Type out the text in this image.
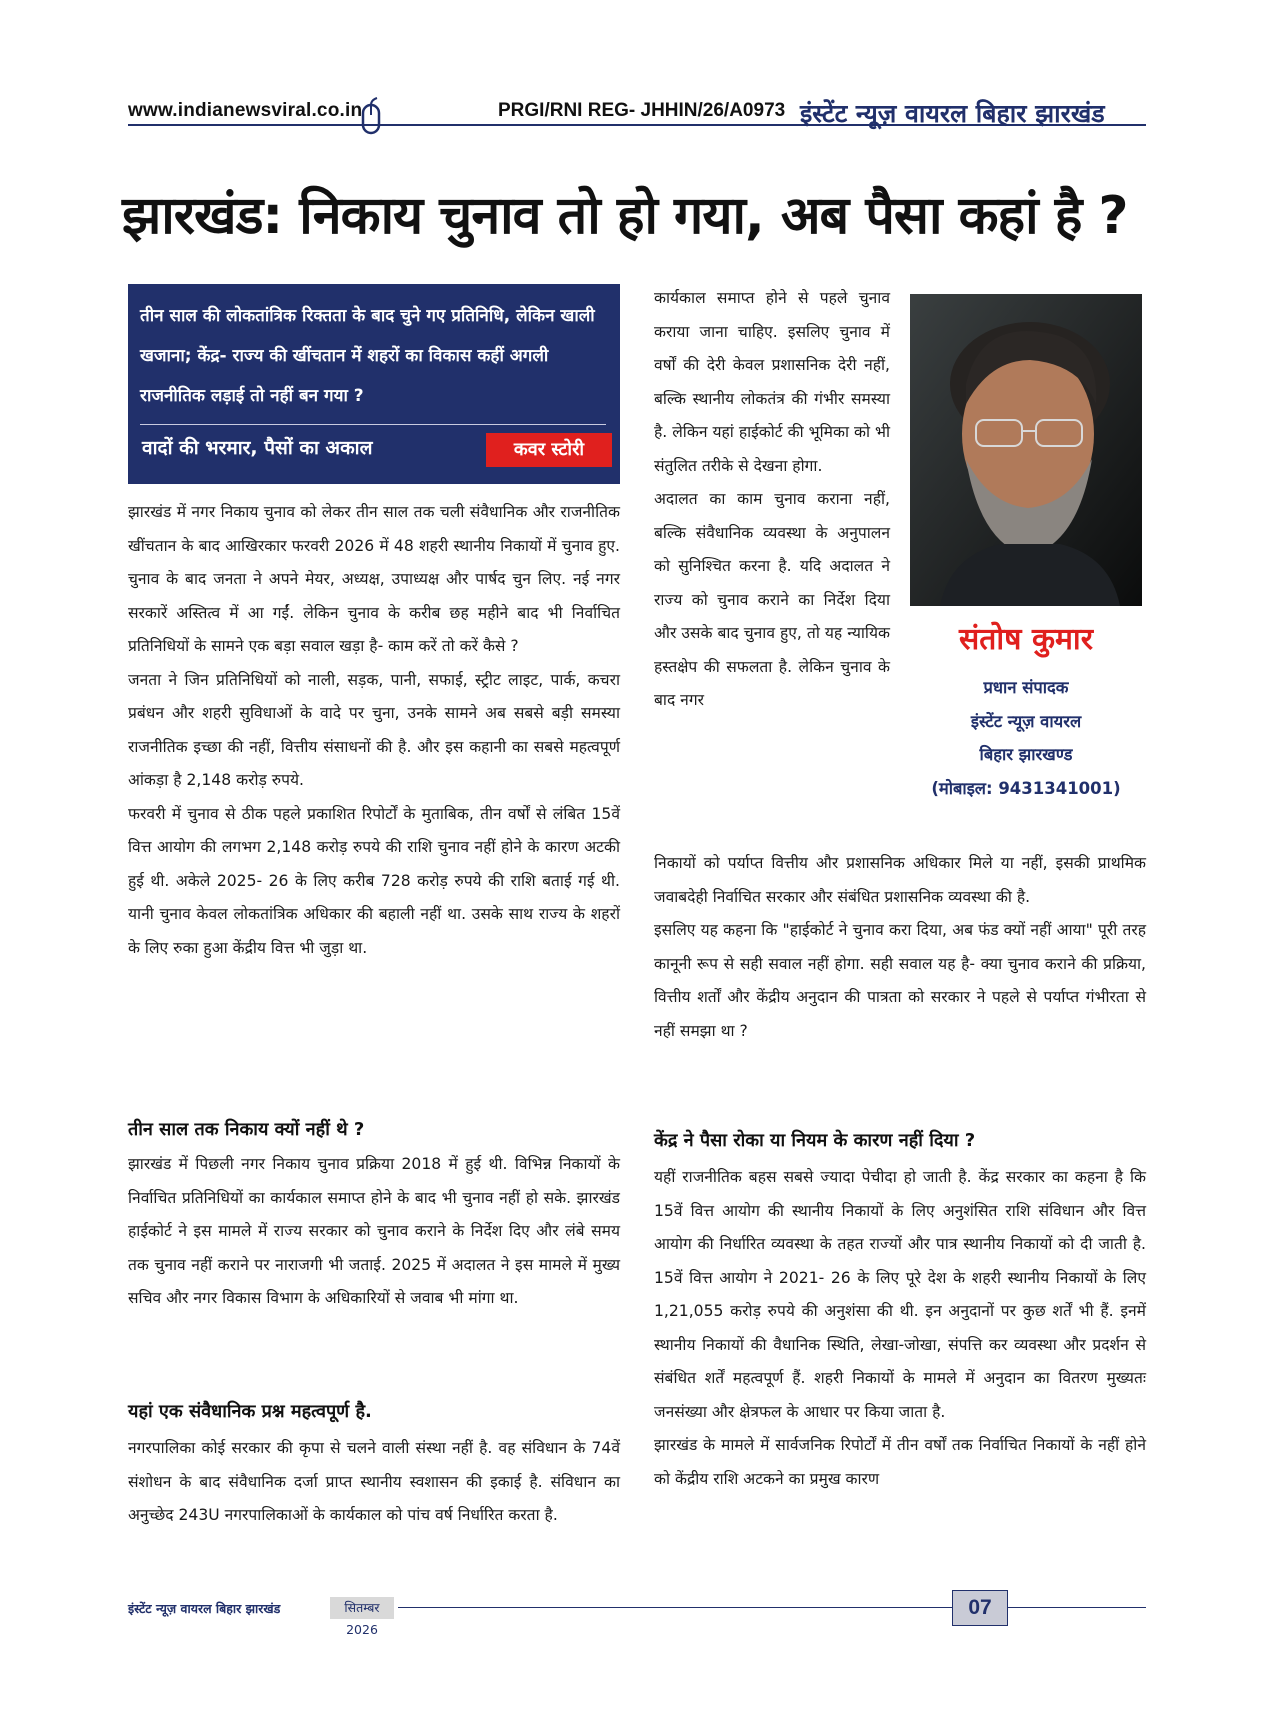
www.indianewsviral.co.in	PRGI/RNI REG- JHHIN/26/A0973 इंस्टेंट न्यूज़ वायरल बिहार झारखंड
झारखंड: निकाय चुनाव तो हो गया, अब पैसा कहां है ?
तीन साल की लोकतांत्रिक रिक्तता के बाद चुने गए प्रतिनिधि, लेकिन खाली खजाना; केंद्र- राज्य की खींचतान में शहरों का विकास कहीं अगली राजनीतिक लड़ाई तो नहीं बन गया ?
वादों की भरमार, पैसों का अकाल	कवर स्टोरी

झारखंड में नगर निकाय चुनाव को लेकर तीन साल तक चली संवैधानिक और राजनीतिक खींचतान के बाद आखिरकार फरवरी 2026 में 48 शहरी स्थानीय निकायों में चुनाव हुए. चुनाव के बाद जनता ने अपने मेयर, अध्यक्ष, उपाध्यक्ष और पार्षद चुन लिए. नई नगर सरकारें अस्तित्व में आ गईं. लेकिन चुनाव के करीब छह महीने बाद भी निर्वाचित प्रतिनिधियों के सामने एक बड़ा सवाल खड़ा है- काम करें तो करें कैसे ?

जनता ने जिन प्रतिनिधियों को नाली, सड़क, पानी, सफाई, स्ट्रीट लाइट, पार्क, कचरा प्रबंधन और शहरी सुविधाओं के वादे पर चुना, उनके सामने अब सबसे बड़ी समस्या राजनीतिक इच्छा की नहीं, वित्तीय संसाधनों की है. और इस कहानी का सबसे महत्वपूर्ण आंकड़ा है 2,148 करोड़ रुपये.

फरवरी में चुनाव से ठीक पहले प्रकाशित रिपोर्टों के मुताबिक, तीन वर्षों से लंबित 15वें वित्त आयोग की लगभग 2,148 करोड़ रुपये की राशि चुनाव नहीं होने के कारण अटकी हुई थी. अकेले 2025- 26 के लिए करीब 728 करोड़ रुपये की राशि बताई गई थी. यानी चुनाव केवल लोकतांत्रिक अधिकार की बहाली नहीं था. उसके साथ राज्य के शहरों के लिए रुका हुआ केंद्रीय वित्त भी जुड़ा था.

तीन साल तक निकाय क्यों नहीं थे ?

झारखंड में पिछली नगर निकाय चुनाव प्रक्रिया 2018 में हुई थी. विभिन्न निकायों के निर्वाचित प्रतिनिधियों का कार्यकाल समाप्त होने के बाद भी चुनाव नहीं हो सके. झारखंड हाईकोर्ट ने इस मामले में राज्य सरकार को चुनाव कराने के निर्देश दिए और लंबे समय तक चुनाव नहीं कराने पर नाराजगी भी जताई. 2025 में अदालत ने इस मामले में मुख्य सचिव और नगर विकास विभाग के अधिकारियों से जवाब भी मांगा था.

यहां एक संवैधानिक प्रश्न महत्वपूर्ण है.

नगरपालिका कोई सरकार की कृपा से चलने वाली संस्था नहीं है. वह संविधान के 74वें संशोधन के बाद संवैधानिक दर्जा प्राप्त स्थानीय स्वशासन की इकाई है. संविधान का अनुच्छेद 243U नगरपालिकाओं के कार्यकाल को पांच वर्ष निर्धारित करता है.

कार्यकाल समाप्त होने से पहले चुनाव कराया जाना चाहिए. इसलिए चुनाव में वर्षों की देरी केवल प्रशासनिक देरी नहीं, बल्कि स्थानीय लोकतंत्र की गंभीर समस्या है. लेकिन यहां हाईकोर्ट की भूमिका को भी संतुलित तरीके से देखना होगा.

अदालत का काम चुनाव कराना नहीं, बल्कि संवैधानिक व्यवस्था के अनुपालन को सुनिश्चित करना है. यदि अदालत ने राज्य को चुनाव कराने का निर्देश दिया और उसके बाद चुनाव हुए, तो यह न्यायिक हस्तक्षेप की सफलता है. लेकिन चुनाव के बाद नगर

संतोष कुमार
प्रधान संपादक
इंस्टेंट न्यूज़ वायरल
बिहार झारखण्ड
(मोबाइल: 9431341001)

निकायों को पर्याप्त वित्तीय और प्रशासनिक अधिकार मिले या नहीं, इसकी प्राथमिक जवाबदेही निर्वाचित सरकार और संबंधित प्रशासनिक व्यवस्था की है.

इसलिए यह कहना कि "हाईकोर्ट ने चुनाव करा दिया, अब फंड क्यों नहीं आया" पूरी तरह कानूनी रूप से सही सवाल नहीं होगा. सही सवाल यह है- क्या चुनाव कराने की प्रक्रिया, वित्तीय शर्तों और केंद्रीय अनुदान की पात्रता को सरकार ने पहले से पर्याप्त गंभीरता से नहीं समझा था ?

केंद्र ने पैसा रोका या नियम के कारण नहीं दिया ?

यहीं राजनीतिक बहस सबसे ज्यादा पेचीदा हो जाती है. केंद्र सरकार का कहना है कि 15वें वित्त आयोग की स्थानीय निकायों के लिए अनुशंसित राशि संविधान और वित्त आयोग की निर्धारित व्यवस्था के तहत राज्यों और पात्र स्थानीय निकायों को दी जाती है. 15वें वित्त आयोग ने 2021- 26 के लिए पूरे देश के शहरी स्थानीय निकायों के लिए 1,21,055 करोड़ रुपये की अनुशंसा की थी. इन अनुदानों पर कुछ शर्तें भी हैं. इनमें स्थानीय निकायों की वैधानिक स्थिति, लेखा-जोखा, संपत्ति कर व्यवस्था और प्रदर्शन से संबंधित शर्तें महत्वपूर्ण हैं. शहरी निकायों के मामले में अनुदान का वितरण मुख्यतः जनसंख्या और क्षेत्रफल के आधार पर किया जाता है.

झारखंड के मामले में सार्वजनिक रिपोर्टों में तीन वर्षों तक निर्वाचित निकायों के नहीं होने को केंद्रीय राशि अटकने का प्रमुख कारण

इंस्टेंट न्यूज़ वायरल बिहार झारखंड	सितम्बर 2026
07
